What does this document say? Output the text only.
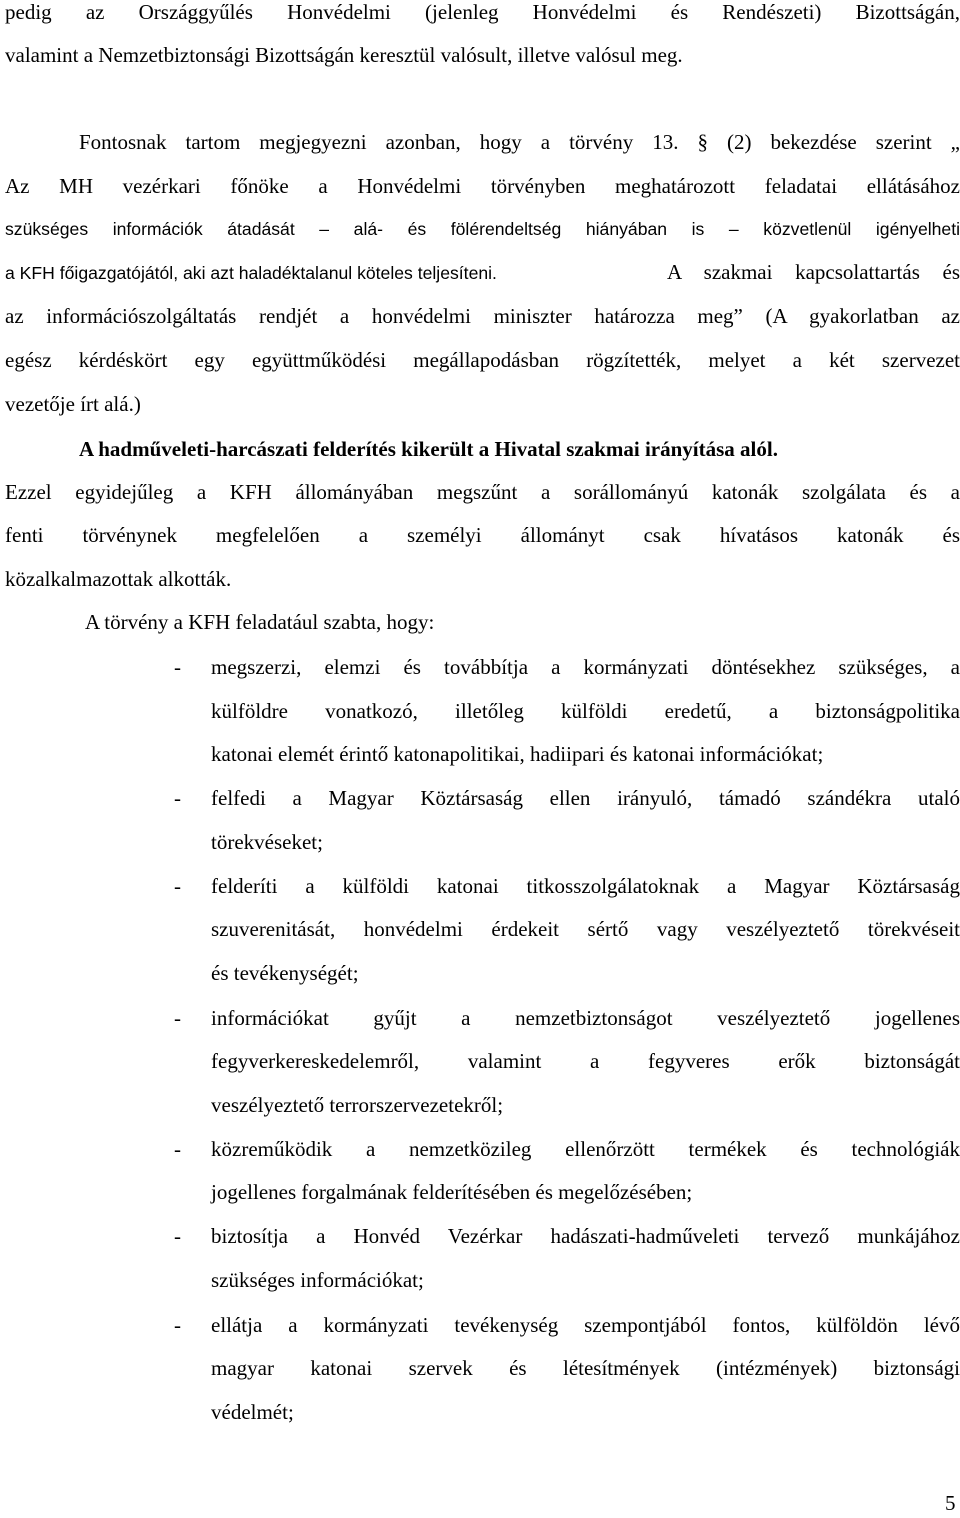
pedig az Országgyűlés Honvédelmi (jelenleg Honvédelmi és Rendészeti) Bizottságán,
valamint a Nemzetbiztonsági Bizottságán keresztül valósult, illetve valósul meg.
Fontosnak tartom megjegyezni azonban, hogy a törvény 13. § (2) bekezdése szerint „
Az MH vezérkari főnöke a Honvédelmi törvényben meghatározott feladatai ellátásához
szükséges információk átadását – alá- és fölérendeltség hiányában is – közvetlenül igényelheti
a KFH főigazgatójától, aki azt haladéktalanul köteles teljesíteni.	A szakmai kapcsolattartás és
az információszolgáltatás rendjét a honvédelmi miniszter határozza meg” (A gyakorlatban az
egész kérdéskört egy együttműködési megállapodásban rögzítették, melyet a két szervezet
vezetője írt alá.)
A hadműveleti-harcászati felderítés kikerült a Hivatal szakmai irányítása alól.
Ezzel egyidejűleg a KFH állományában megszűnt a sorállományú katonák szolgálata és a
fenti törvénynek megfelelően a személyi állományt csak hívatásos katonák és
közalkalmazottak alkották.
A törvény a KFH feladatául szabta, hogy:
- megszerzi, elemzi és továbbítja a kormányzati döntésekhez szükséges, a
külföldre vonatkozó, illetőleg külföldi eredetű, a biztonságpolitika
katonai elemét érintő katonapolitikai, hadiipari és katonai információkat;
- felfedi a Magyar Köztársaság ellen irányuló, támadó szándékra utaló
törekvéseket;
- felderíti a külföldi katonai titkosszolgálatoknak a Magyar Köztársaság
szuverenitását, honvédelmi érdekeit sértő vagy veszélyeztető törekvéseit
és tevékenységét;
- információkat gyűjt a nemzetbiztonságot veszélyeztető jogellenes
fegyverkereskedelemről, valamint a fegyveres erők biztonságát
veszélyeztető terrorszervezetekről;
- közreműködik a nemzetközileg ellenőrzött termékek és technológiák
jogellenes forgalmának felderítésében és megelőzésében;
- biztosítja a Honvéd Vezérkar hadászati-hadműveleti tervező munkájához
szükséges információkat;
- ellátja a kormányzati tevékenység szempontjából fontos, külföldön lévő
magyar katonai szervek és létesítmények (intézmények) biztonsági
védelmét;
5
